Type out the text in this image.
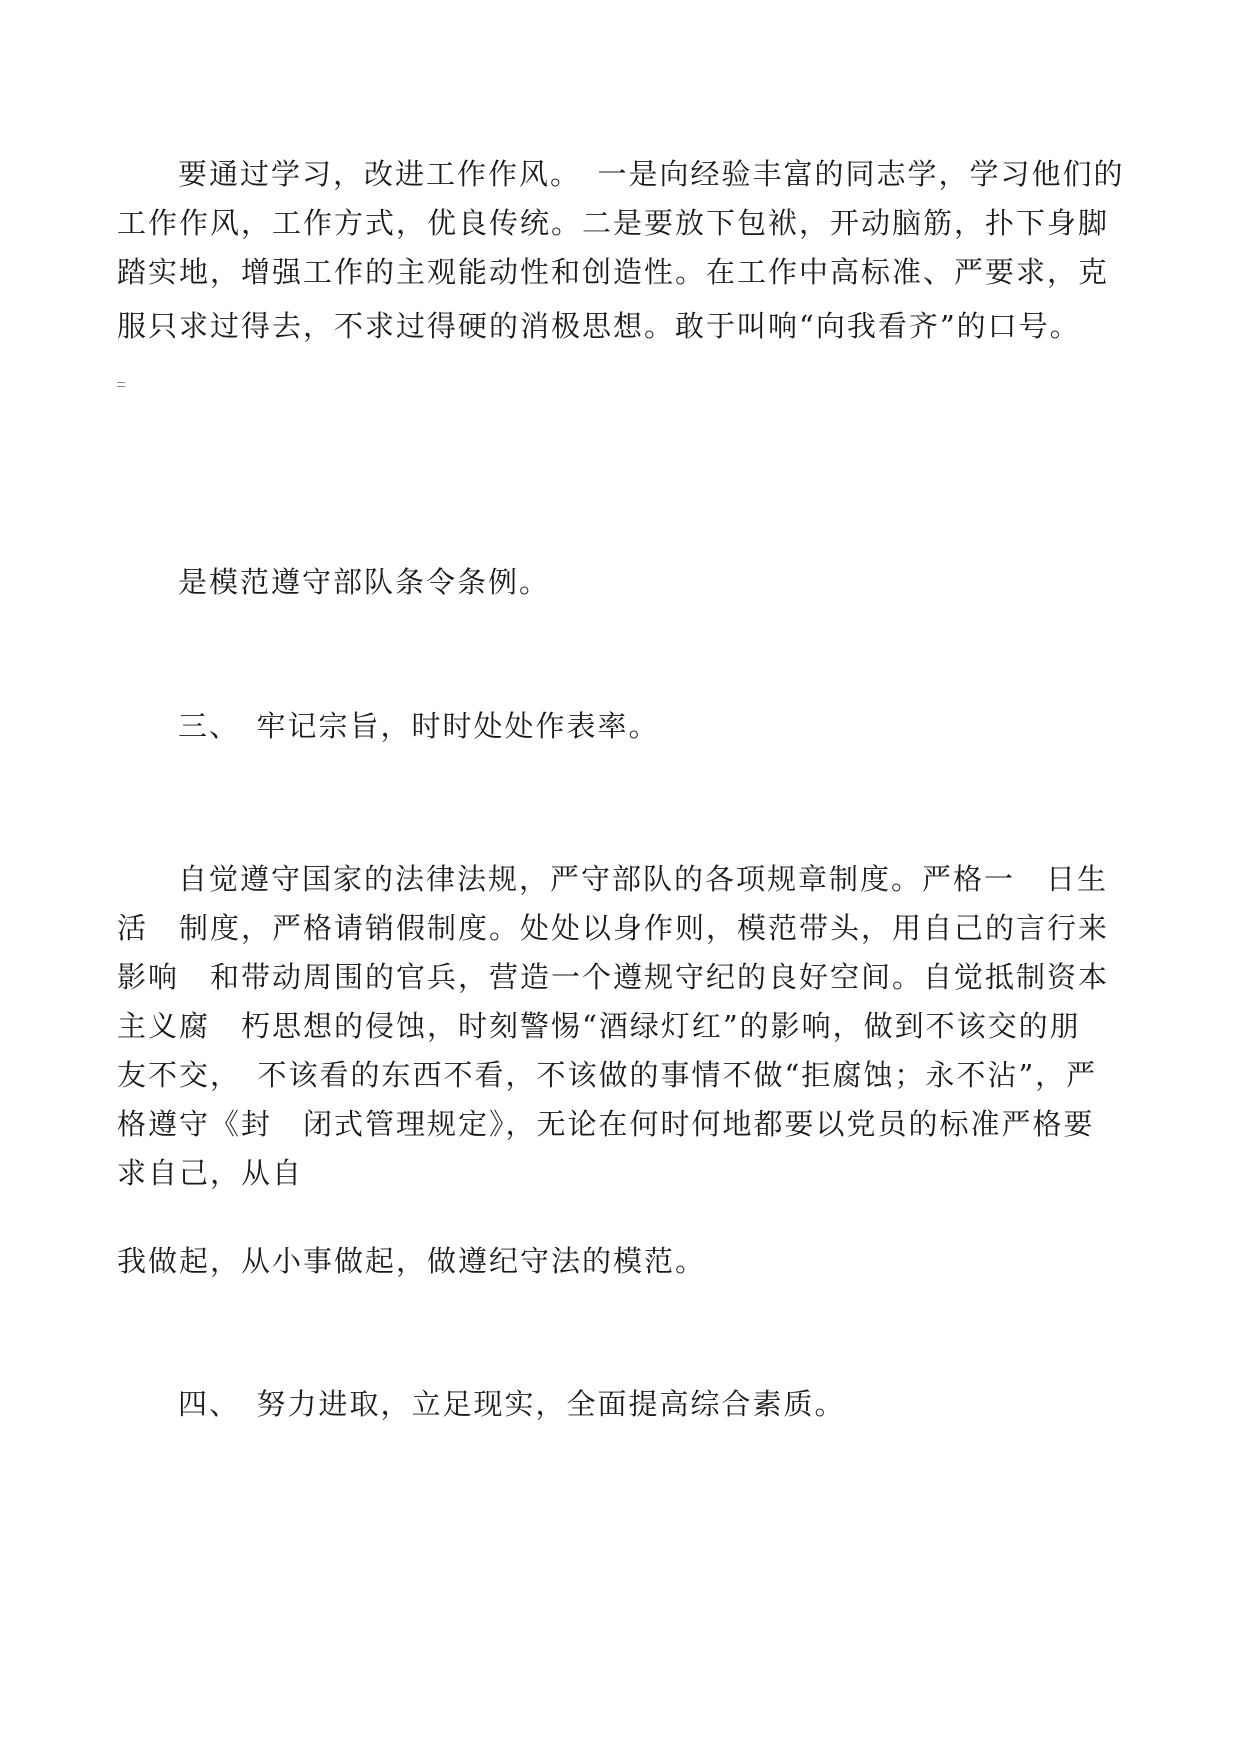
要通过学习，改进工作作风。　一是向经验丰富的同志学，学习他们的
工作作风，工作方式，优良传统。二是要放下包袱，开动脑筋，扑下身脚
踏实地，增强工作的主观能动性和创造性。在工作中高标准、严要求，克
服只求过得去，不求过得硬的消极思想。敢于叫响“向我看齐”的口号。
是模范遵守部队条令条例。
三、　牢记宗旨，时时处处作表率。
自觉遵守国家的法律法规，严守部队的各项规章制度。严格一　日生
活　制度，严格请销假制度。处处以身作则，模范带头，用自己的言行来
影响　和带动周围的官兵，营造一个遵规守纪的良好空间。自觉抵制资本
主义腐　朽思想的侵蚀，时刻警惕“酒绿灯红”的影响，做到不该交的朋
友不交，　不该看的东西不看，不该做的事情不做“拒腐蚀；永不沾”，严
格遵守《封　闭式管理规定》，无论在何时何地都要以党员的标准严格要
求自己，从自
我做起，从小事做起，做遵纪守法的模范。
四、　努力进取，立足现实，全面提高综合素质。
